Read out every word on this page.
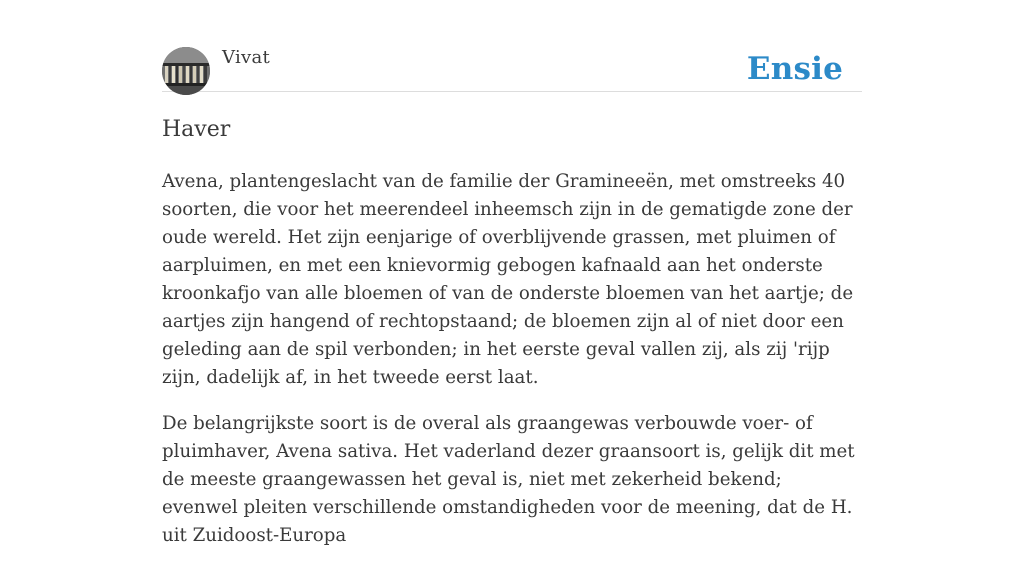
Vivat	Ensie
Haver

Avena, plantengeslacht van de familie der Gramineeën, met omstreeks 40 soorten, die voor het meerendeel inheemsch zijn in de gematigde zone der oude wereld. Het zijn eenjarige of overblijvende grassen, met pluimen of aarpluimen, en met een knievormig gebogen kafnaald aan het onderste kroonkafjo van alle bloemen of van de onderste bloemen van het aartje; de aartjes zijn hangend of rechtopstaand; de bloemen zijn al of niet door een geleding aan de spil verbonden; in het eerste geval vallen zij, als zij 'rijp zijn, dadelijk af, in het tweede eerst laat.

De belangrijkste soort is de overal als graangewas verbouwde voer- of pluimhaver, Avena sativa. Het vaderland dezer graansoort is, gelijk dit met de meeste graangewassen het geval is, niet met zekerheid bekend; evenwel pleiten verschillende omstandigheden voor de meening, dat de H. uit Zuidoost-Europa
